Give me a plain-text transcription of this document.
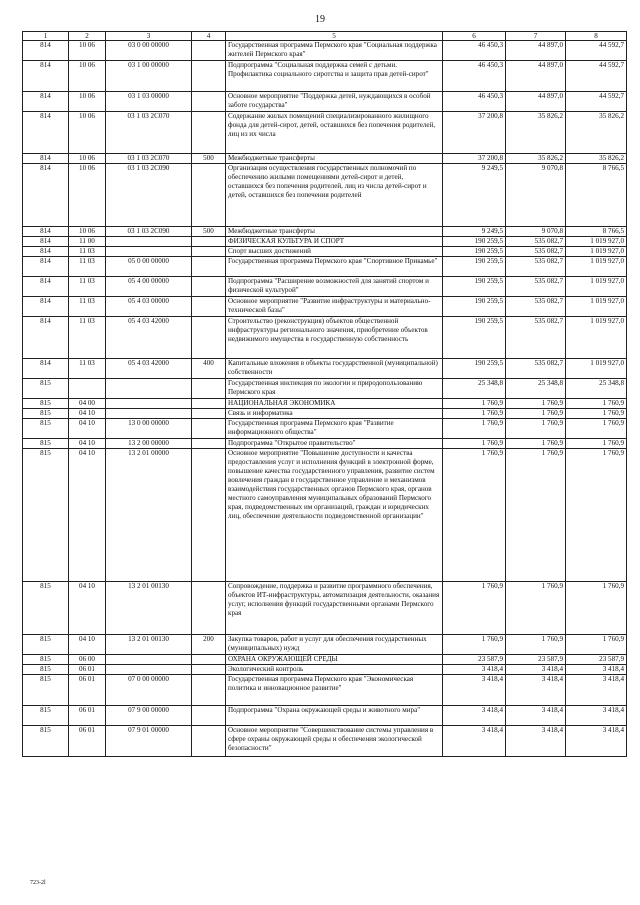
19
1	2	3	4	5	6	7	8
814	10 06	03 0 00 00000		Государственная программа Пермского края "Социальная поддержка жителей Пермского края"	46 450,3	44 897,0	44 592,7
814	10 06	03 1 00 00000		Подпрограмма "Социальная поддержка семей с детьми. Профилактика социального сиротства и защита прав детей-сирот"	46 450,3	44 897,0	44 592,7
814	10 06	03 1 03 00000		Основное мероприятие "Поддержка детей, нуждающихся в особой заботе государства"	46 450,3	44 897,0	44 592,7
814	10 06	03 1 03 2С070		Содержание жилых помещений специализированного жилищного фонда для детей-сирот, детей, оставшихся без попечения родителей, лиц из их числа	37 200,8	35 826,2	35 826,2
814	10 06	03 1 03 2С070	500	Межбюджетные трансферты	37 200,8	35 826,2	35 826,2
814	10 06	03 1 03 2С090		Организация осуществления государственных полномочий по обеспечению жилыми помещениями детей-сирот и детей, оставшихся без попечения родителей, лиц из числа детей-сирот и детей, оставшихся без попечения родителей	9 249,5	9 070,8	8 766,5
814	10 06	03 1 03 2С090	500	Межбюджетные трансферты	9 249,5	9 070,8	8 766,5
814	11 00			ФИЗИЧЕСКАЯ КУЛЬТУРА И СПОРТ	190 259,5	535 082,7	1 019 927,0
814	11 03			Спорт высших достижений	190 259,5	535 082,7	1 019 927,0
814	11 03	05 0 00 00000		Государственная программа Пермского края "Спортивное Прикамье"	190 259,5	535 082,7	1 019 927,0
814	11 03	05 4 00 00000		Подпрограмма "Расширение возможностей для занятий спортом и физической культурой"	190 259,5	535 082,7	1 019 927,0
814	11 03	05 4 03 00000		Основное мероприятие "Развитие инфраструктуры и материально-технической базы"	190 259,5	535 082,7	1 019 927,0
814	11 03	05 4 03 42000		Строительство (реконструкция) объектов общественной инфраструктуры регионального значения, приобретение объектов недвижимого имущества в государственную собственность	190 259,5	535 082,7	1 019 927,0
814	11 03	05 4 03 42000	400	Капитальные вложения в объекты государственной (муниципальной) собственности	190 259,5	535 082,7	1 019 927,0
815				Государственная инспекция по экологии и природопользованию Пермского края	25 348,8	25 348,8	25 348,8
815	04 00			НАЦИОНАЛЬНАЯ ЭКОНОМИКА	1 760,9	1 760,9	1 760,9
815	04 10			Связь и информатика	1 760,9	1 760,9	1 760,9
815	04 10	13 0 00 00000		Государственная программа Пермского края "Развитие информационного общества"	1 760,9	1 760,9	1 760,9
815	04 10	13 2 00 00000		Подпрограмма "Открытое правительство"	1 760,9	1 760,9	1 760,9
815	04 10	13 2 01 00000		Основное мероприятие "Повышение доступности и качества предоставления услуг и исполнения функций в электронной форме, повышение качества государственного управления, развитие систем вовлечения граждан в государственное управление и механизмов взаимодействия государственных органов Пермского края, органов местного самоуправления муниципальных образований Пермского края, подведомственных им организаций, граждан и юридических лиц, обеспечение деятельности подведомственной организации"	1 760,9	1 760,9	1 760,9
815	04 10	13 2 01 00130		Сопровождение, поддержка и развитие программного обеспечения, объектов ИТ-инфраструктуры, автоматизация деятельности, оказания услуг, исполнения функций государственными органами Пермского края	1 760,9	1 760,9	1 760,9
815	04 10	13 2 01 00130	200	Закупка товаров, работ и услуг для обеспечения государственных (муниципальных) нужд	1 760,9	1 760,9	1 760,9
815	06 00			ОХРАНА ОКРУЖАЮЩЕЙ СРЕДЫ	23 587,9	23 587,9	23 587,9
815	06 01			Экологический контроль	3 418,4	3 418,4	3 418,4
815	06 01	07 0 00 00000		Государственная программа Пермского края "Экономическая политика и инновационное развитие"	3 418,4	3 418,4	3 418,4
815	06 01	07 9 00 00000		Подпрограмма "Охрана окружающей среды и животного мира"	3 418,4	3 418,4	3 418,4
815	06 01	07 9 01 00000		Основное мероприятие "Совершенствование системы управления в сфере охраны окружающей среды и обеспечения экологической безопасности"	3 418,4	3 418,4	3 418,4
723-2l
